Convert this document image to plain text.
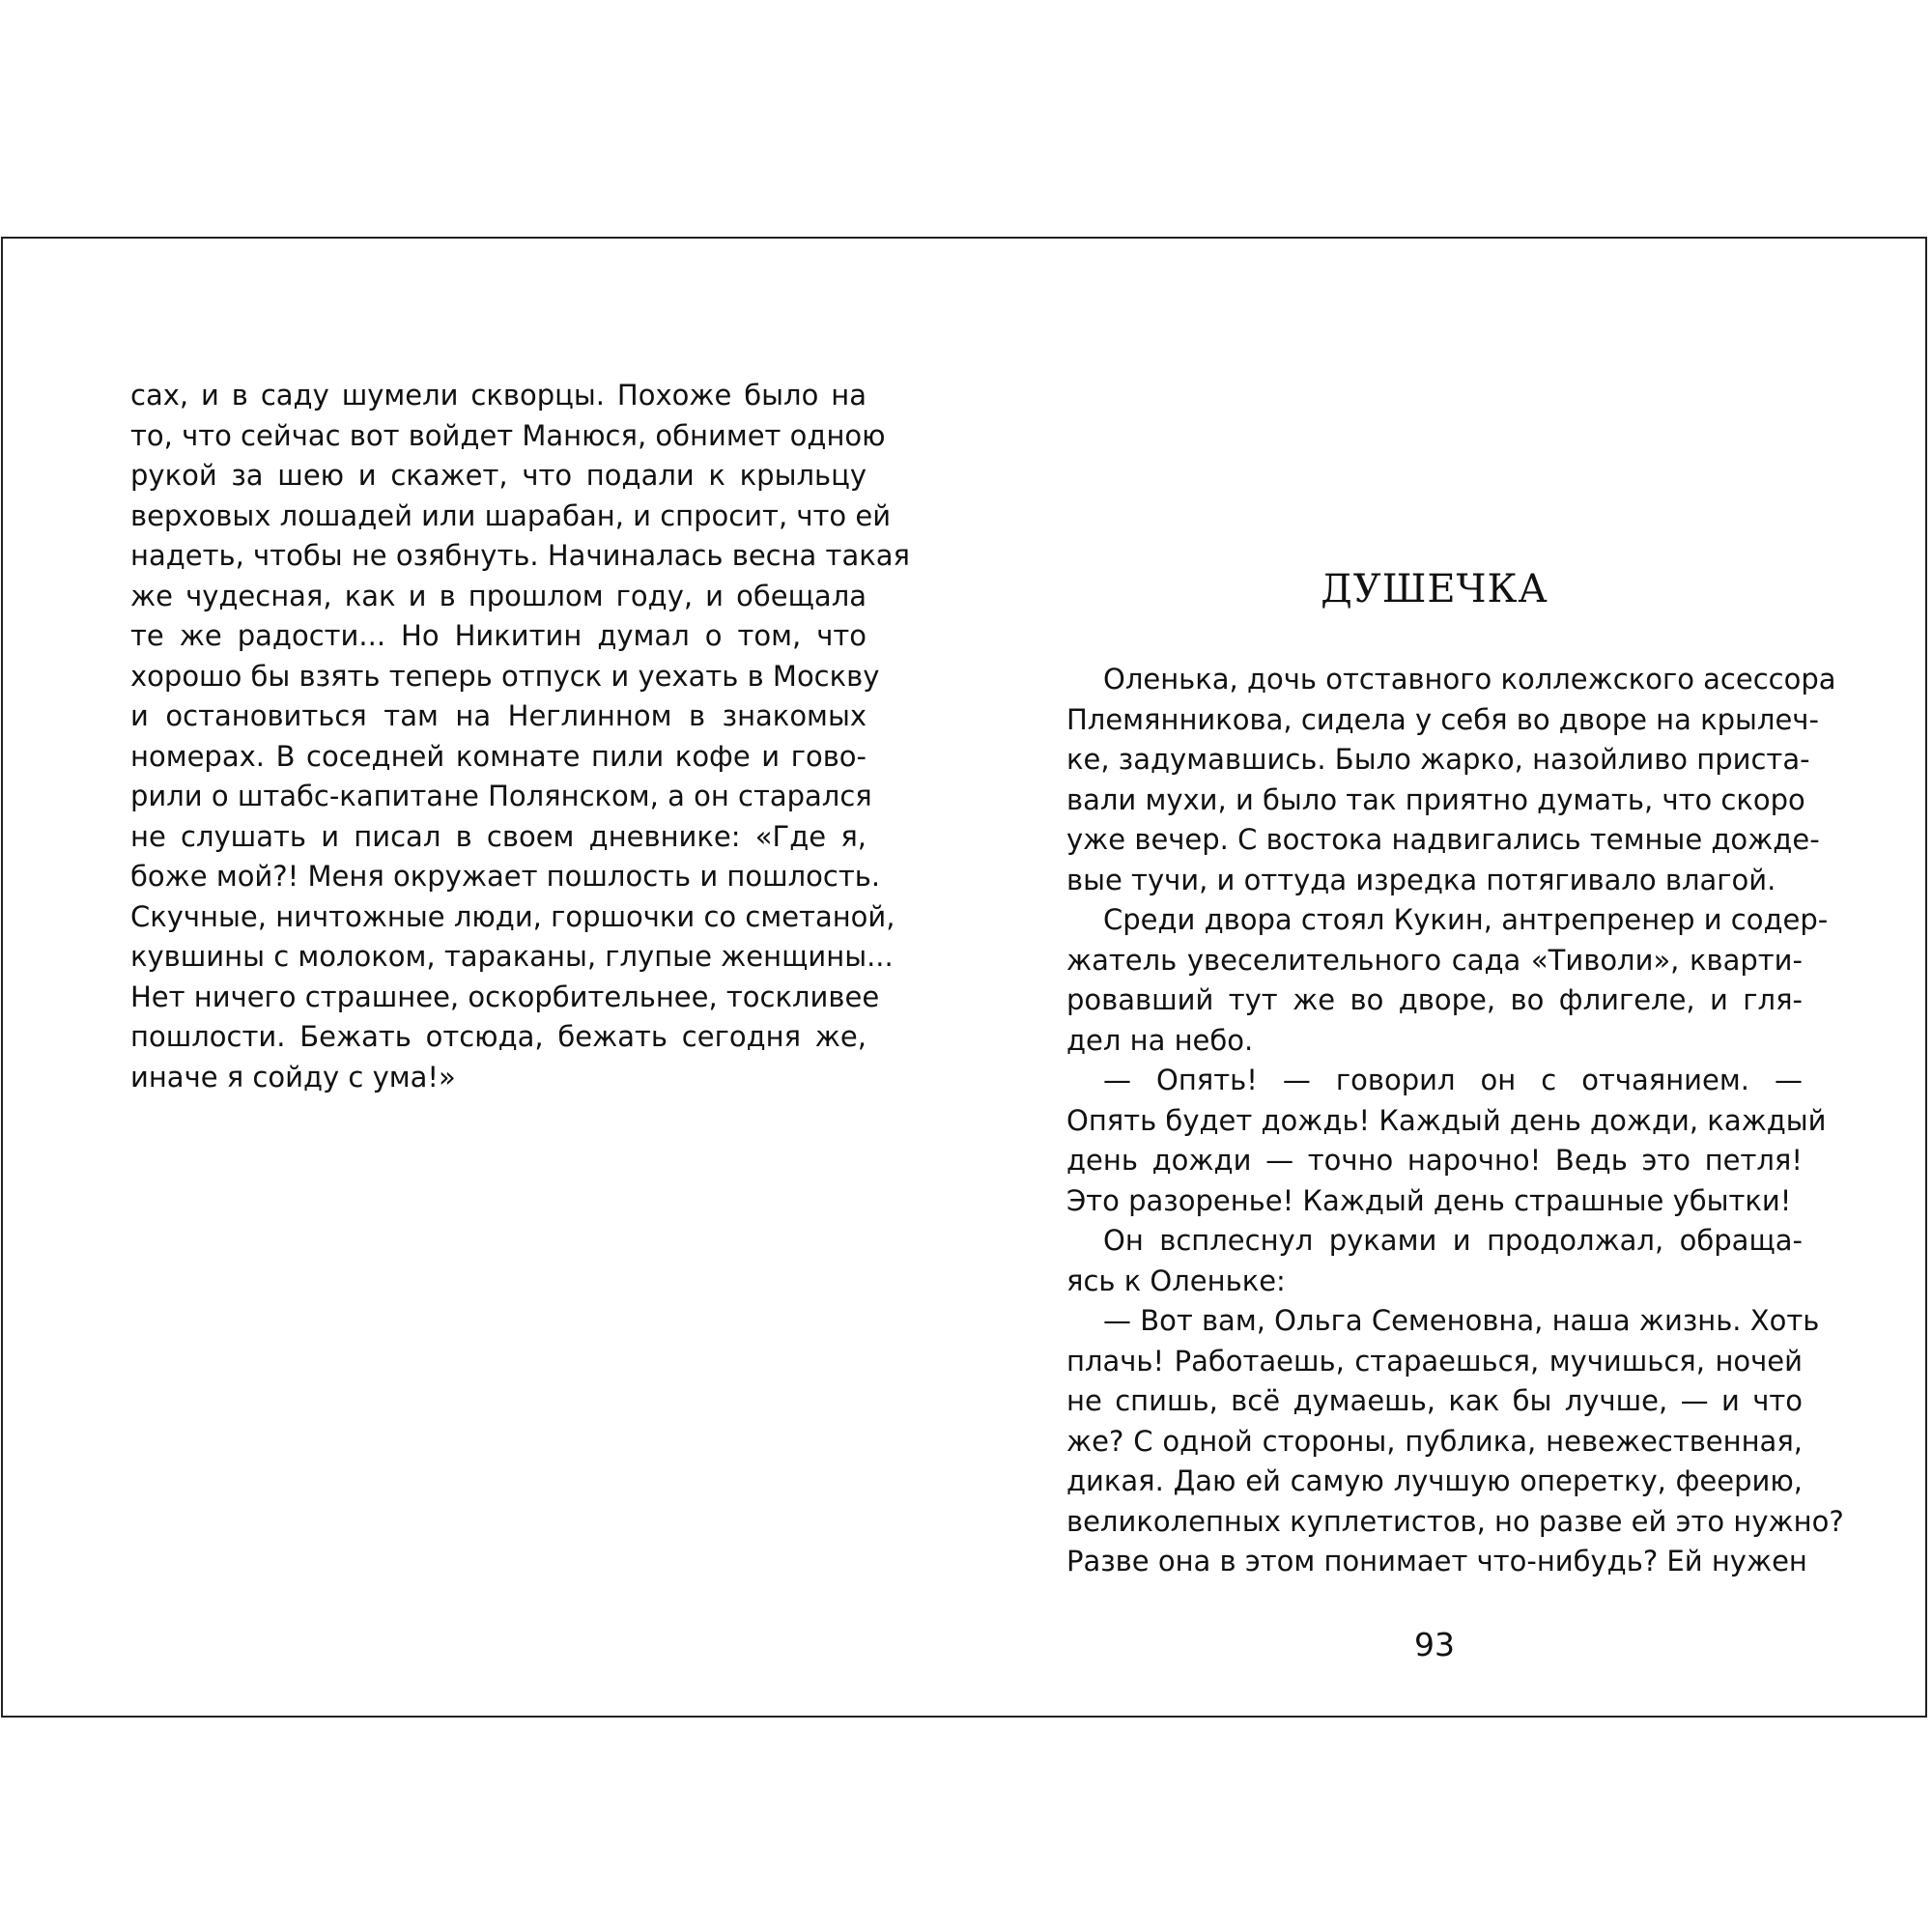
сах, и в саду шумели скворцы. Похоже было на
то, что сейчас вот войдет Манюся, обнимет одною
рукой за шею и скажет, что подали к крыльцу
верховых лошадей или шарабан, и спросит, что ей
надеть, чтобы не озябнуть. Начиналась весна такая
же чудесная, как и в прошлом году, и обещала
те же радости... Но Никитин думал о том, что
хорошо бы взять теперь отпуск и уехать в Москву
и остановиться там на Неглинном в знакомых
номерах. В соседней комнате пили кофе и гово-
рили о штабс-капитане Полянском, а он старался
не слушать и писал в своем дневнике: «Где я,
боже мой?! Меня окружает пошлость и пошлость.
Скучные, ничтожные люди, горшочки со сметаной,
кувшины с молоком, тараканы, глупые женщины...
Нет ничего страшнее, оскорбительнее, тоскливее
пошлости. Бежать отсюда, бежать сегодня же,
иначе я сойду с ума!»
ДУШЕЧКА
Оленька, дочь отставного коллежского асессора
Племянникова, сидела у себя во дворе на крылеч-
ке, задумавшись. Было жарко, назойливо приста-
вали мухи, и было так приятно думать, что скоро
уже вечер. С востока надвигались темные дожде-
вые тучи, и оттуда изредка потягивало влагой.
Среди двора стоял Кукин, антрепренер и содер-
жатель увеселительного сада «Тиволи», кварти-
ровавший тут же во дворе, во флигеле, и гля-
дел на небо.
— Опять! — говорил он с отчаянием. —
Опять будет дождь! Каждый день дожди, каждый
день дожди — точно нарочно! Ведь это петля!
Это разоренье! Каждый день страшные убытки!
Он всплеснул руками и продолжал, обраща-
ясь к Оленьке:
— Вот вам, Ольга Семеновна, наша жизнь. Хоть
плачь! Работаешь, стараешься, мучишься, ночей
не спишь, всё думаешь, как бы лучше, — и что
же? С одной стороны, публика, невежественная,
дикая. Даю ей самую лучшую оперетку, феерию,
великолепных куплетистов, но разве ей это нужно?
Разве она в этом понимает что-нибудь? Ей нужен
93
